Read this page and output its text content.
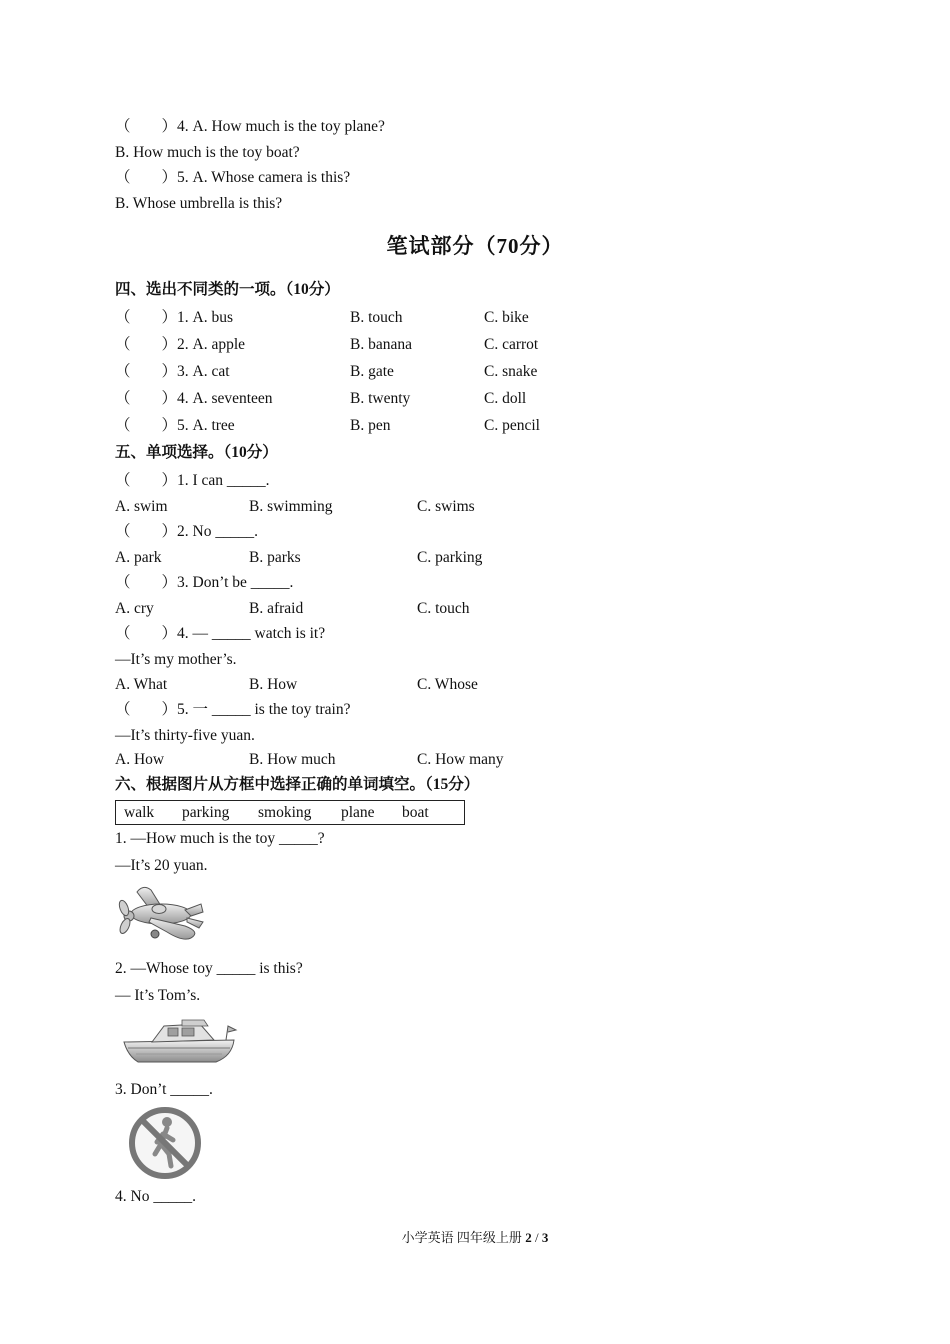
（　　）4. A. How much is the toy plane?
B. How much is the toy boat?
（　　）5. A. Whose camera is this?
B. Whose umbrella is this?
笔试部分（70分）
四、选出不同类的一项。（10分）
（　　）1. A. bus	B. touch	C. bike
（　　）2. A. apple	B. banana	C. carrot
（　　）3. A. cat	B. gate	C. snake
（　　）4. A. seventeen	B. twenty	C. doll
（　　）5. A. tree	B. pen	C. pencil
五、单项选择。（10分）
（　　）1. I can _____.
A. swim	B. swimming	C. swims
（　　）2. No _____.
A. park	B. parks	C. parking
（　　）3. Don’t be _____.
A. cry	B. afraid	C. touch
（　　）4. — _____ watch is it?
—It’s my mother’s.
A. What	B. How	C. Whose
（　　）5. 一 _____ is the toy train?
—It’s thirty-five yuan.
A. How	B. How much	C. How many
六、根据图片从方框中选择正确的单词填空。（15分）
walk parking smoking plane boat
1. —How much is the toy _____?
—It’s 20 yuan.
2. —Whose toy _____ is this?
— It’s Tom’s.
3. Don’t _____.
4. No _____.
小学英语 四年级上册 2 / 3
